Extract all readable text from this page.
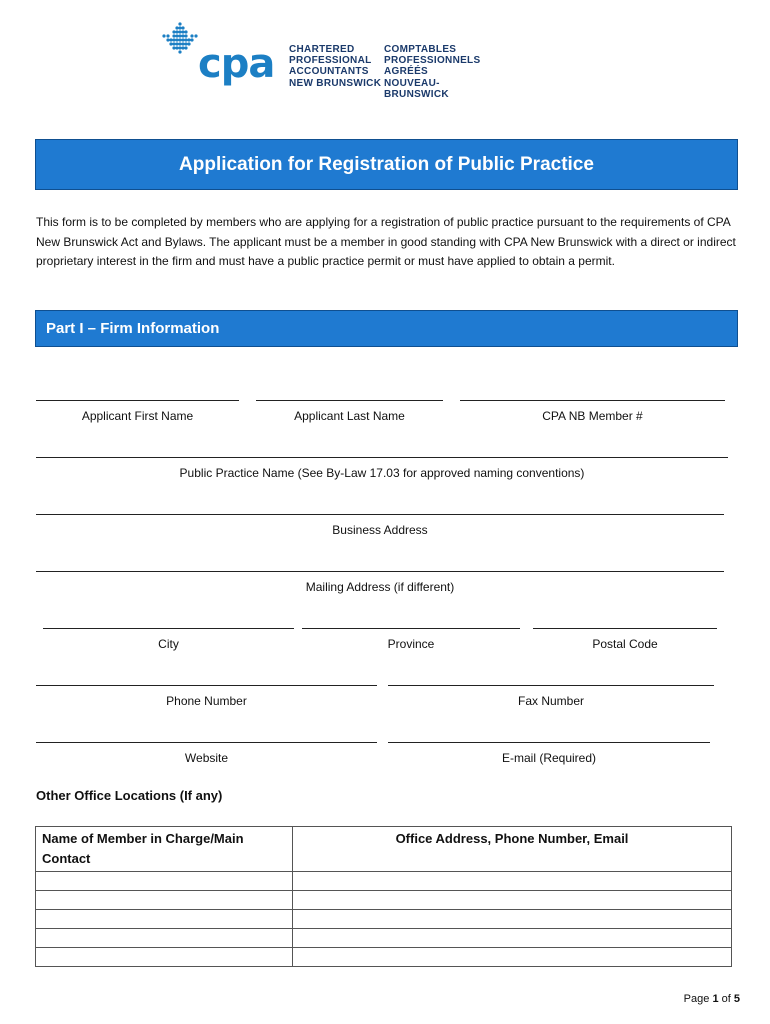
cpa CHARTERED
PROFESSIONAL
ACCOUNTANTS
NEW BRUNSWICK
COMPTABLES
PROFESSIONNELS
AGRÉÉS
NOUVEAU-BRUNSWICK
Application for Registration of Public Practice
This form is to be completed by members who are applying for a registration of public practice pursuant to the requirements of CPA New Brunswick Act and Bylaws. The applicant must be a member in good standing with CPA New Brunswick with a direct or indirect proprietary interest in the firm and must have a public practice permit or must have applied to obtain a permit.
Part I – Firm Information
Applicant First Name	Applicant Last Name	CPA NB Member #
Public Practice Name (See By-Law 17.03 for approved naming conventions)
Business Address
Mailing Address (if different)
City	Province	Postal Code
Phone Number	Fax Number
Website	E-mail (Required)
Other Office Locations (If any)
Name of Member in Charge/Main Contact	Office Address, Phone Number, Email

Page 1 of 5
